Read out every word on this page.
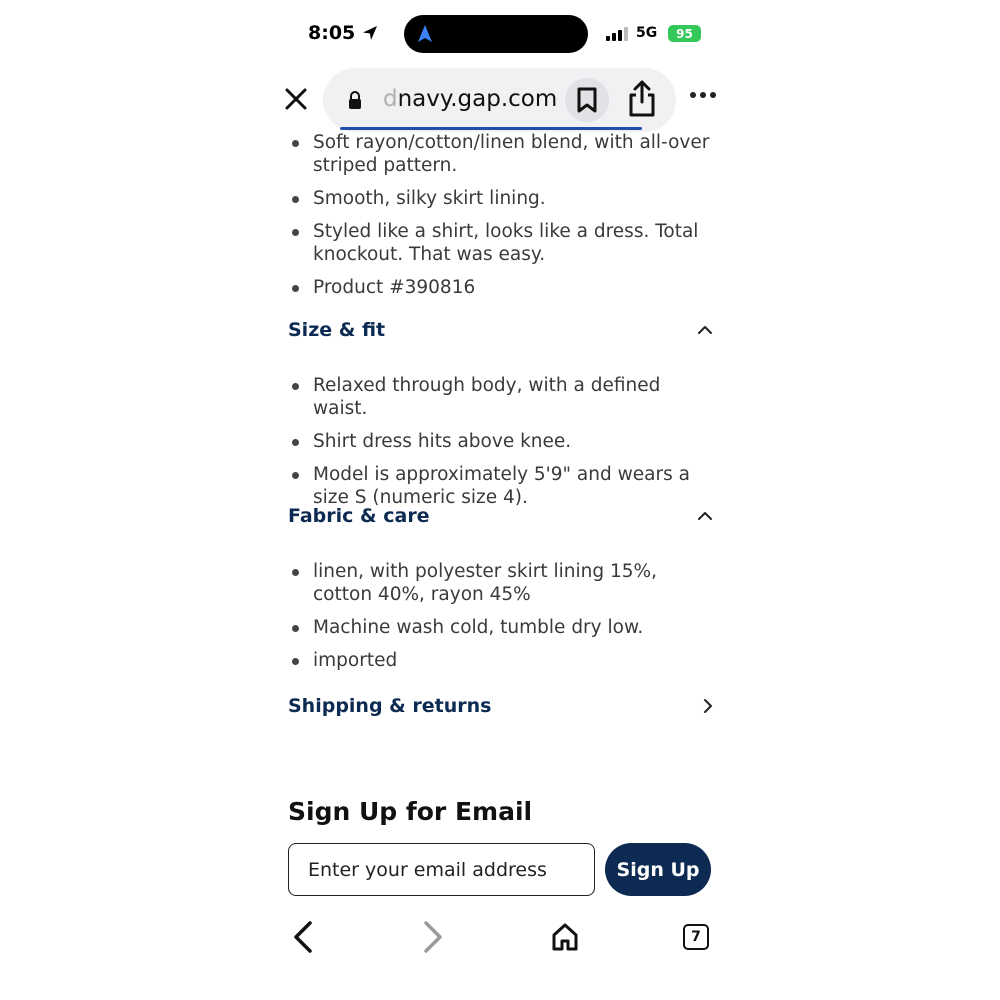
8:05	5G 95
dnavy.gap.com
Soft rayon/cotton/linen blend, with all-over striped pattern.
Smooth, silky skirt lining.
Styled like a shirt, looks like a dress. Total knockout. That was easy.
Product #390816
Size & fit
Relaxed through body, with a defined waist.
Shirt dress hits above knee.
Model is approximately 5'9" and wears a size S (numeric size 4).
Fabric & care
linen, with polyester skirt lining 15%, cotton 40%, rayon 45%
Machine wash cold, tumble dry low.
imported
Shipping & returns
Sign Up for Email
Enter your email address
Sign Up
7
